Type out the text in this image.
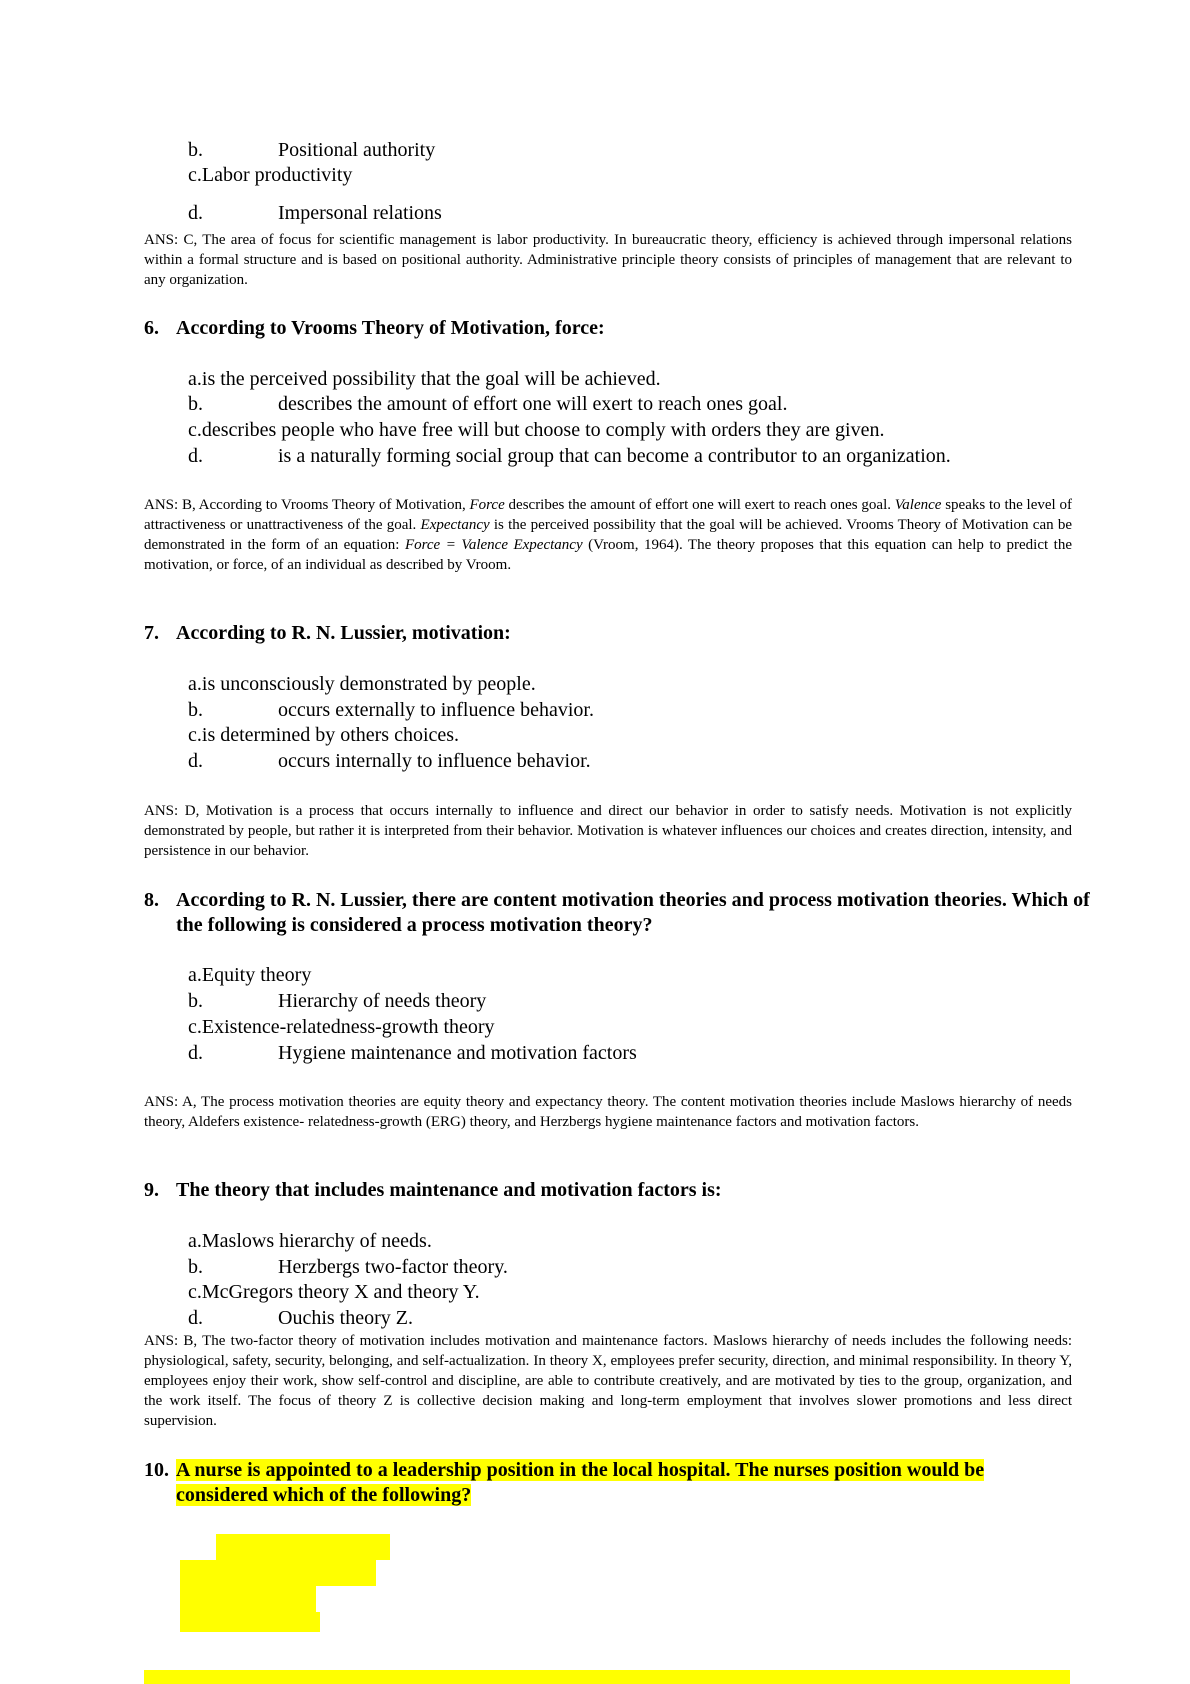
b.	Positional authority

c.Labor productivity

d.	Impersonal relations

ANS: C, The area of focus for scientific management is labor productivity. In bureaucratic theory, efficiency is achieved through impersonal relations within a formal structure and is based on positional authority. Administrative principle theory consists of principles of management that are relevant to any organization.

6. According to Vrooms Theory of Motivation, force:

a.is the perceived possibility that the goal will be achieved.

b.	describes the amount of effort one will exert to reach ones goal.

c.describes people who have free will but choose to comply with orders they are given.

d.	is a naturally forming social group that can become a contributor to an organization.

ANS: B, According to Vrooms Theory of Motivation, Force describes the amount of effort one will exert to reach ones goal. Valence speaks to the level of attractiveness or unattractiveness of the goal. Expectancy is the perceived possibility that the goal will be achieved. Vrooms Theory of Motivation can be demonstrated in the form of an equation: Force = Valence Expectancy (Vroom, 1964). The theory proposes that this equation can help to predict the motivation, or force, of an individual as described by Vroom.

7. According to R. N. Lussier, motivation:

a.is unconsciously demonstrated by people.

b.	occurs externally to influence behavior.

c.is determined by others choices.

d.	occurs internally to influence behavior.

ANS: D, Motivation is a process that occurs internally to influence and direct our behavior in order to satisfy needs. Motivation is not explicitly demonstrated by people, but rather it is interpreted from their behavior. Motivation is whatever influences our choices and creates direction, intensity, and persistence in our behavior.

8. According to R. N. Lussier, there are content motivation theories and process motivation theories. Which of the following is considered a process motivation theory?

a.Equity theory

b.	Hierarchy of needs theory

c.Existence-relatedness-growth theory

d.	Hygiene maintenance and motivation factors

ANS: A, The process motivation theories are equity theory and expectancy theory. The content motivation theories include Maslows hierarchy of needs theory, Aldefers existence- relatedness-growth (ERG) theory, and Herzbergs hygiene maintenance factors and motivation factors.

9. The theory that includes maintenance and motivation factors is:

a.Maslows hierarchy of needs.

b.	Herzbergs two-factor theory.

c.McGregors theory X and theory Y.

d.	Ouchis theory Z.

ANS: B, The two-factor theory of motivation includes motivation and maintenance factors. Maslows hierarchy of needs includes the following needs: physiological, safety, security, belonging, and self-actualization. In theory X, employees prefer security, direction, and minimal responsibility. In theory Y, employees enjoy their work, show self-control and discipline, are able to contribute creatively, and are motivated by ties to the group, organization, and the work itself. The focus of theory Z is collective decision making and long-term employment that involves slower promotions and less direct supervision.

10. A nurse is appointed to a leadership position in the local hospital. The nurses position would be
considered which of the following?
